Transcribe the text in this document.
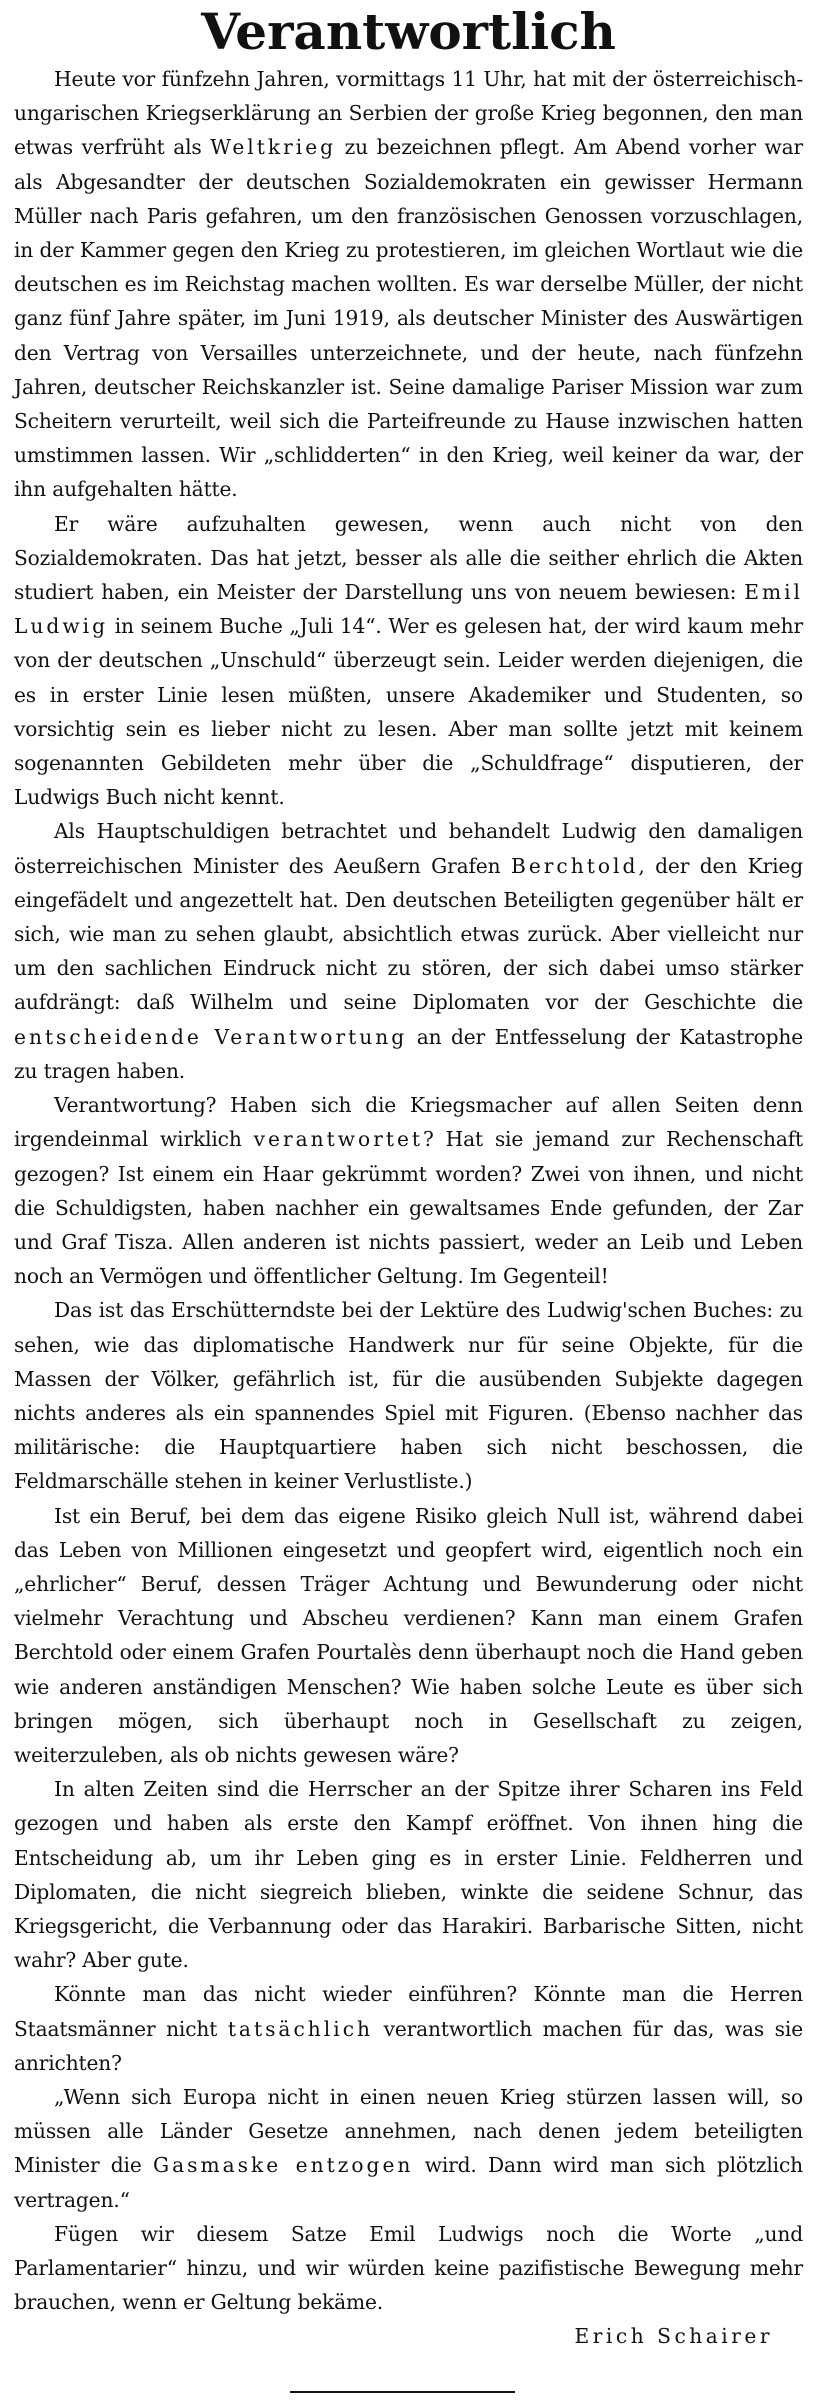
Verantwortlich

Heute vor fünfzehn Jahren, vormittags 11 Uhr, hat mit der österreichisch-ungarischen Kriegserklärung an Serbien der große Krieg begonnen, den man etwas verfrüht als Weltkrieg zu bezeichnen pflegt. Am Abend vorher war als Abgesandter der deutschen Sozialdemokraten ein gewisser Hermann Müller nach Paris gefahren, um den französischen Genossen vorzuschlagen, in der Kammer gegen den Krieg zu protestieren, im gleichen Wortlaut wie die deutschen es im Reichstag machen wollten. Es war derselbe Müller, der nicht ganz fünf Jahre später, im Juni 1919, als deutscher Minister des Auswärtigen den Vertrag von Versailles unterzeichnete, und der heute, nach fünfzehn Jahren, deutscher Reichskanzler ist. Seine damalige Pariser Mission war zum Scheitern verurteilt, weil sich die Parteifreunde zu Hause inzwischen hatten umstimmen lassen. Wir „schlidderten“ in den Krieg, weil keiner da war, der ihn aufgehalten hätte.

Er wäre aufzuhalten gewesen, wenn auch nicht von den Sozialdemokraten. Das hat jetzt, besser als alle die seither ehrlich die Akten studiert haben, ein Meister der Darstellung uns von neuem bewiesen: Emil Ludwig in seinem Buche „Juli 14“. Wer es gelesen hat, der wird kaum mehr von der deutschen „Unschuld“ überzeugt sein. Leider werden diejenigen, die es in erster Linie lesen müßten, unsere Akademiker und Studenten, so vorsichtig sein es lieber nicht zu lesen. Aber man sollte jetzt mit keinem sogenannten Gebildeten mehr über die „Schuldfrage“ disputieren, der Ludwigs Buch nicht kennt.

Als Hauptschuldigen betrachtet und behandelt Ludwig den damaligen österreichischen Minister des Aeußern Grafen Berchtold, der den Krieg eingefädelt und angezettelt hat. Den deutschen Beteiligten gegenüber hält er sich, wie man zu sehen glaubt, absichtlich etwas zurück. Aber vielleicht nur um den sachlichen Eindruck nicht zu stören, der sich dabei umso stärker aufdrängt: daß Wilhelm und seine Diplomaten vor der Geschichte die entscheidende Verantwortung an der Entfesselung der Katastrophe zu tragen haben.

Verantwortung? Haben sich die Kriegsmacher auf allen Seiten denn irgendeinmal wirklich verantwortet? Hat sie jemand zur Rechenschaft gezogen? Ist einem ein Haar gekrümmt worden? Zwei von ihnen, und nicht die Schuldigsten, haben nachher ein gewaltsames Ende gefunden, der Zar und Graf Tisza. Allen anderen ist nichts passiert, weder an Leib und Leben noch an Vermögen und öffentlicher Geltung. Im Gegenteil!

Das ist das Erschütterndste bei der Lektüre des Ludwig'schen Buches: zu sehen, wie das diplomatische Handwerk nur für seine Objekte, für die Massen der Völker, gefährlich ist, für die ausübenden Subjekte dagegen nichts anderes als ein spannendes Spiel mit Figuren. (Ebenso nachher das militärische: die Hauptquartiere haben sich nicht beschossen, die Feldmarschälle stehen in keiner Verlustliste.)

Ist ein Beruf, bei dem das eigene Risiko gleich Null ist, während dabei das Leben von Millionen eingesetzt und geopfert wird, eigentlich noch ein „ehrlicher“ Beruf, dessen Träger Achtung und Bewunderung oder nicht vielmehr Verachtung und Abscheu verdienen? Kann man einem Grafen Berchtold oder einem Grafen Pourtalès denn überhaupt noch die Hand geben wie anderen anständigen Menschen? Wie haben solche Leute es über sich bringen mögen, sich überhaupt noch in Gesellschaft zu zeigen, weiterzuleben, als ob nichts gewesen wäre?

In alten Zeiten sind die Herrscher an der Spitze ihrer Scharen ins Feld gezogen und haben als erste den Kampf eröffnet. Von ihnen hing die Entscheidung ab, um ihr Leben ging es in erster Linie. Feldherren und Diplomaten, die nicht siegreich blieben, winkte die seidene Schnur, das Kriegsgericht, die Verbannung oder das Harakiri. Barbarische Sitten, nicht wahr? Aber gute.

Könnte man das nicht wieder einführen? Könnte man die Herren Staatsmänner nicht tatsächlich verantwortlich machen für das, was sie anrichten?

„Wenn sich Europa nicht in einen neuen Krieg stürzen lassen will, so müssen alle Länder Gesetze annehmen, nach denen jedem beteiligten Minister die Gasmaske entzogen wird. Dann wird man sich plötzlich vertragen.“

Fügen wir diesem Satze Emil Ludwigs noch die Worte „und Parlamentarier“ hinzu, und wir würden keine pazifistische Bewegung mehr brauchen, wenn er Geltung bekäme.

Erich Schairer
